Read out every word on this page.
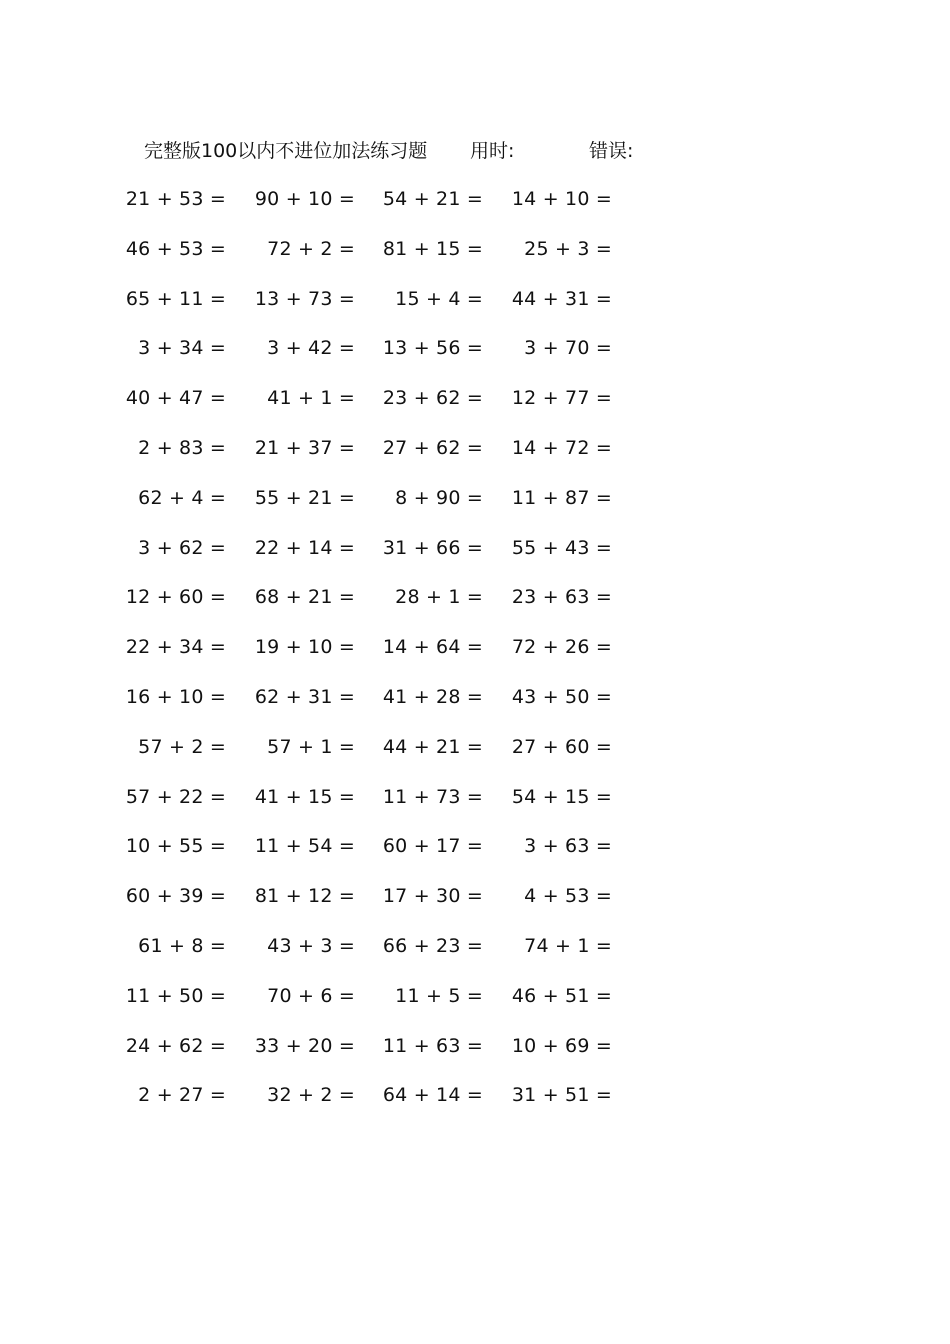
完整版100以内不进位加法练习题 用时:	错误:
21 + 53 = 90 + 10 = 54 + 21 = 14 + 10 =
46 + 53 = 72 + 2 = 81 + 15 = 25 + 3 =
65 + 11 = 13 + 73 = 15 + 4 = 44 + 31 =
3 + 34 = 3 + 42 = 13 + 56 = 3 + 70 =
40 + 47 = 41 + 1 = 23 + 62 = 12 + 77 =
2 + 83 = 21 + 37 = 27 + 62 = 14 + 72 =
62 + 4 = 55 + 21 = 8 + 90 = 11 + 87 =
3 + 62 = 22 + 14 = 31 + 66 = 55 + 43 =
12 + 60 = 68 + 21 = 28 + 1 = 23 + 63 =
22 + 34 = 19 + 10 = 14 + 64 = 72 + 26 =
16 + 10 = 62 + 31 = 41 + 28 = 43 + 50 =
57 + 2 = 57 + 1 = 44 + 21 = 27 + 60 =
57 + 22 = 41 + 15 = 11 + 73 = 54 + 15 =
10 + 55 = 11 + 54 = 60 + 17 = 3 + 63 =
60 + 39 = 81 + 12 = 17 + 30 = 4 + 53 =
61 + 8 = 43 + 3 = 66 + 23 = 74 + 1 =
11 + 50 = 70 + 6 = 11 + 5 = 46 + 51 =
24 + 62 = 33 + 20 = 11 + 63 = 10 + 69 =
2 + 27 = 32 + 2 = 64 + 14 = 31 + 51 =
